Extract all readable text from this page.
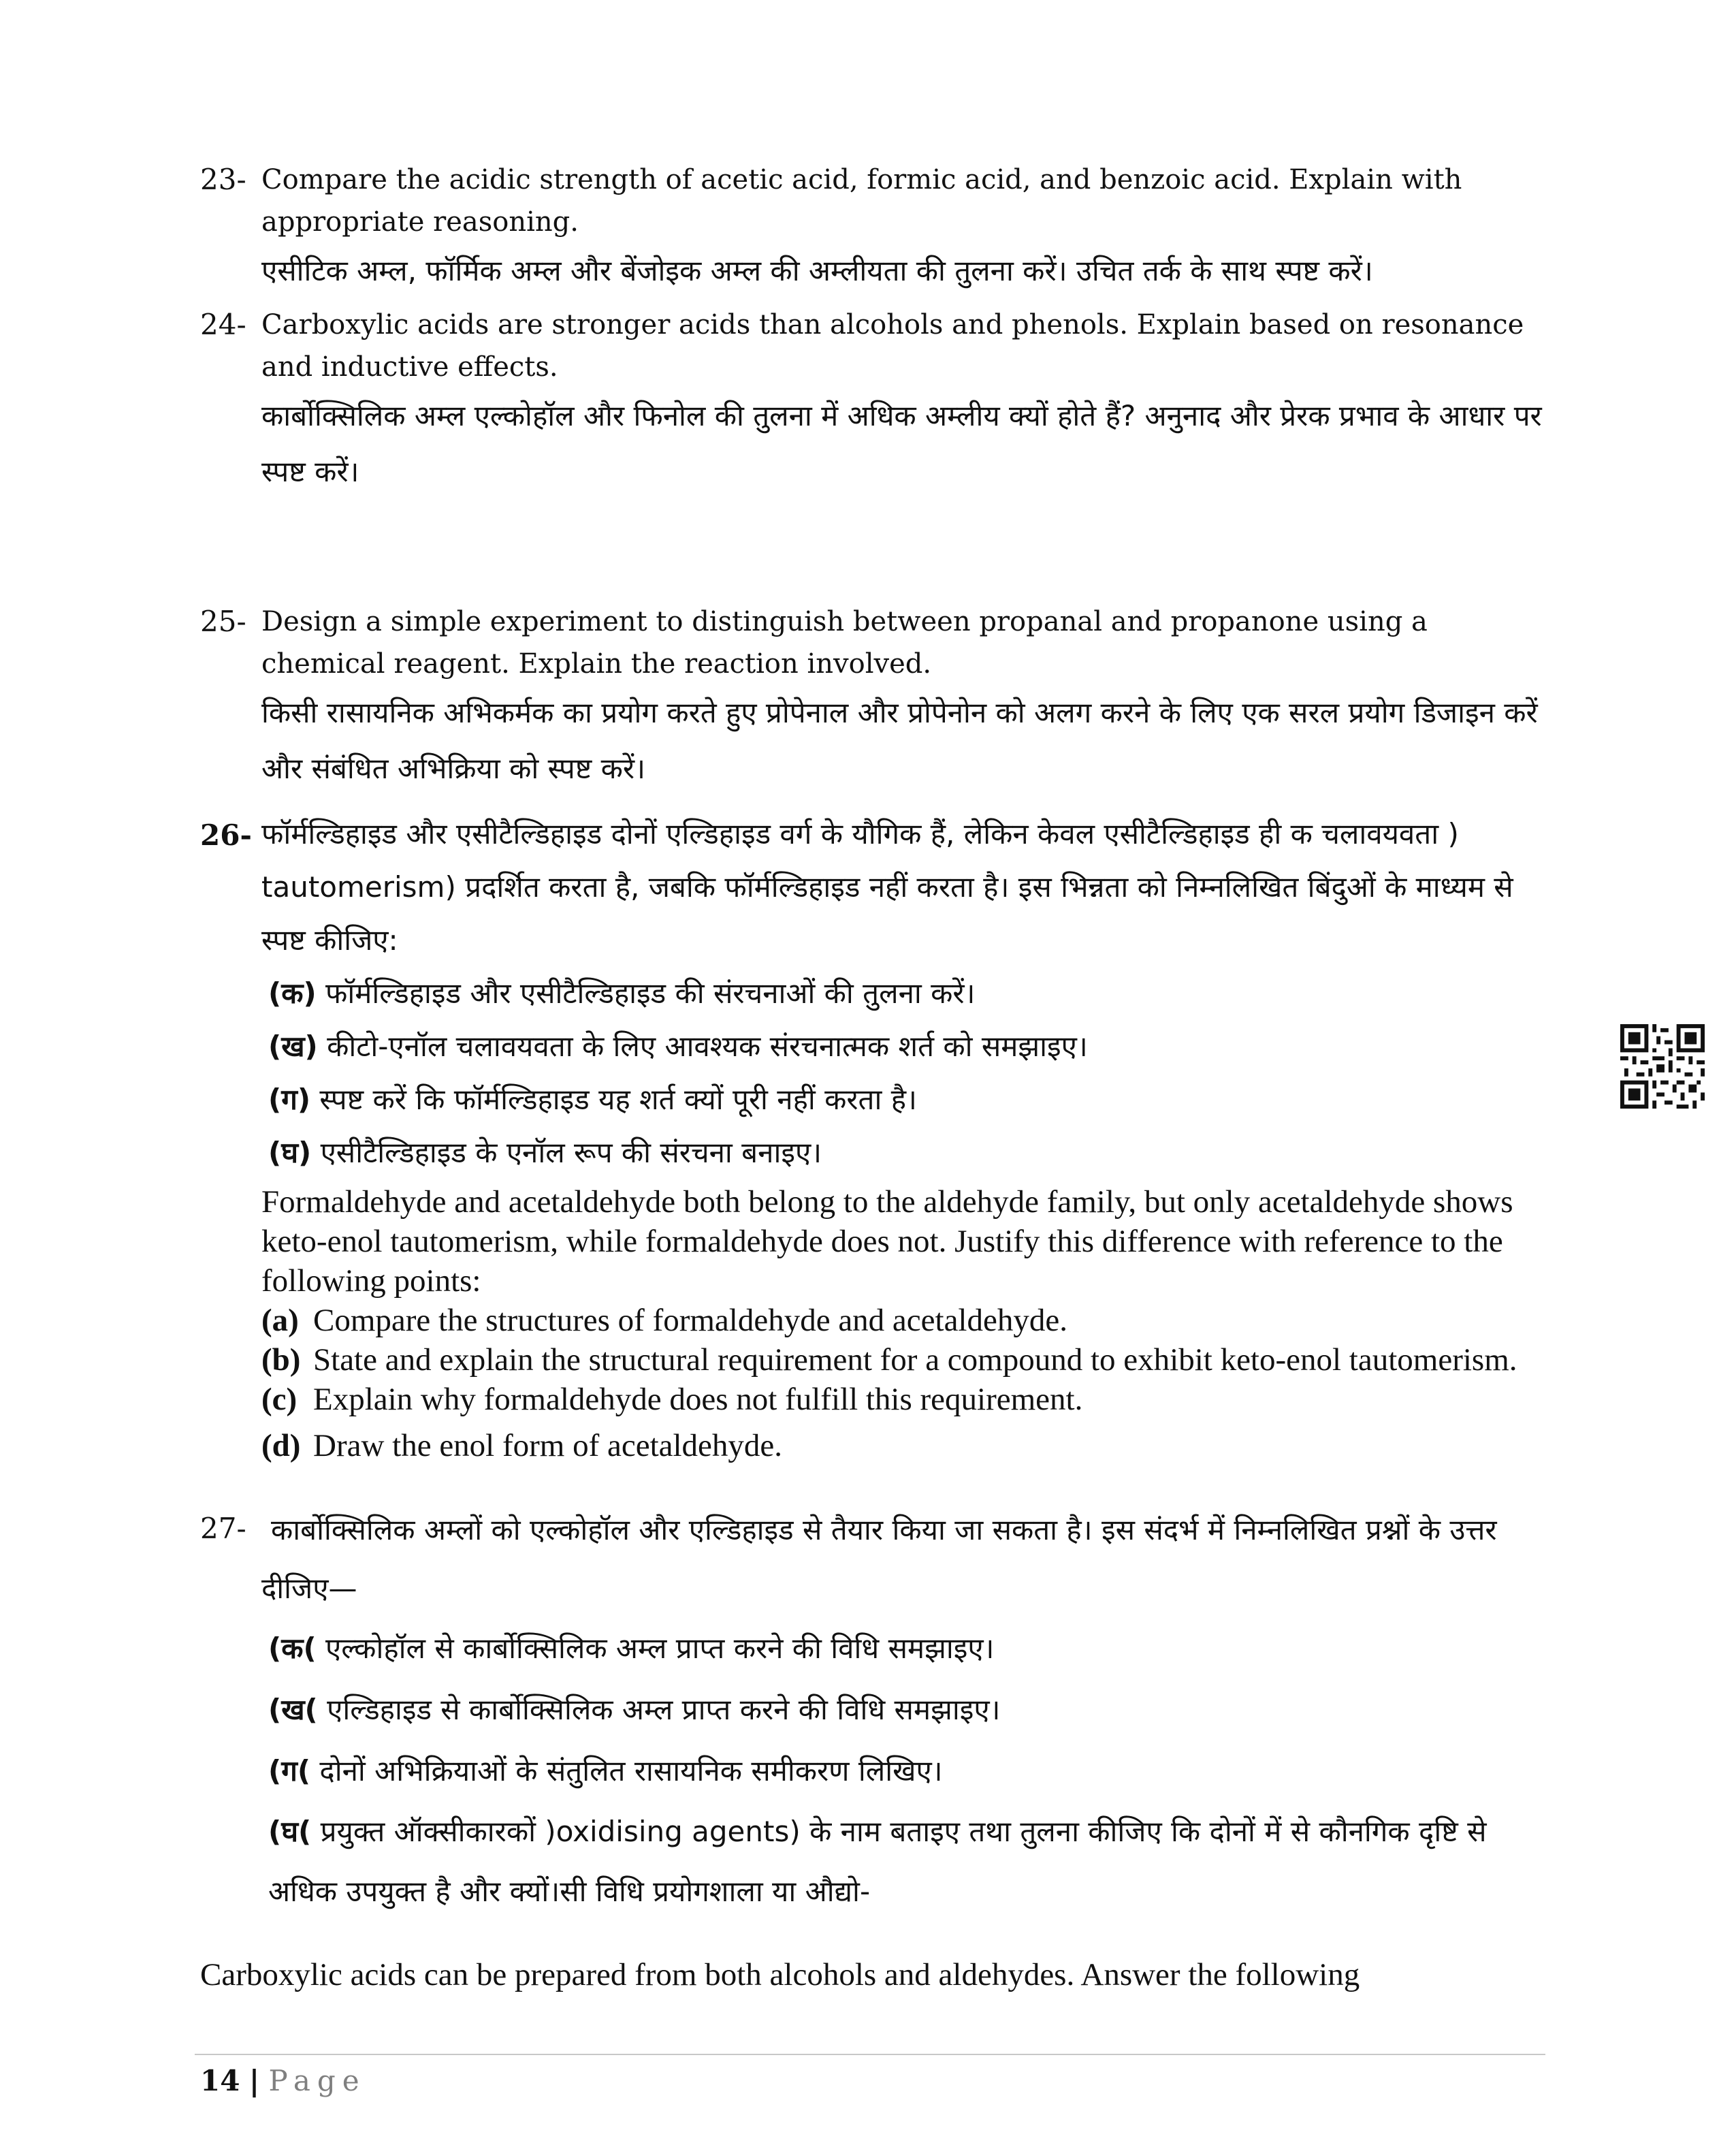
23- Compare the acidic strength of acetic acid, formic acid, and benzoic acid. Explain with appropriate reasoning.

एसीटिक अम्ल, फॉर्मिक अम्ल और बेंजोइक अम्ल की अम्लीयता की तुलना करें। उचित तर्क के साथ स्पष्ट करें।

24- Carboxylic acids are stronger acids than alcohols and phenols. Explain based on resonance and inductive effects.

कार्बोक्सिलिक अम्ल एल्कोहॉल और फिनोल की तुलना में अधिक अम्लीय क्यों होते हैं? अनुनाद और प्रेरक प्रभाव के आधार पर स्पष्ट करें।

25- Design a simple experiment to distinguish between propanal and propanone using a chemical reagent. Explain the reaction involved.

किसी रासायनिक अभिकर्मक का प्रयोग करते हुए प्रोपेनाल और प्रोपेनोन को अलग करने के लिए एक सरल प्रयोग डिजाइन करें और संबंधित अभिक्रिया को स्पष्ट करें।

26- फॉर्मल्डिहाइड और एसीटैल्डिहाइड दोनों एल्डिहाइड वर्ग के यौगिक हैं, लेकिन केवल एसीटैल्डिहाइड ही क चलावयवता ) tautomerism) प्रदर्शित करता है, जबकि फॉर्मल्डिहाइड नहीं करता है। इस भिन्नता को निम्नलिखित बिंदुओं के माध्यम से स्पष्ट कीजिए:

(क) फॉर्मल्डिहाइड और एसीटैल्डिहाइड की संरचनाओं की तुलना करें।

(ख) कीटो-एनॉल चलावयवता के लिए आवश्यक संरचनात्मक शर्त को समझाइए।

(ग) स्पष्ट करें कि फॉर्मल्डिहाइड यह शर्त क्यों पूरी नहीं करता है।

(घ) एसीटैल्डिहाइड के एनॉल रूप की संरचना बनाइए।

Formaldehyde and acetaldehyde both belong to the aldehyde family, but only acetaldehyde shows keto-enol tautomerism, while formaldehyde does not. Justify this difference with reference to the following points:

(a) Compare the structures of formaldehyde and acetaldehyde.
(b) State and explain the structural requirement for a compound to exhibit keto-enol tautomerism.
(c) Explain why formaldehyde does not fulfill this requirement.
(d) Draw the enol form of acetaldehyde.
27- कार्बोक्सिलिक अम्लों को एल्कोहॉल और एल्डिहाइड से तैयार किया जा सकता है। इस संदर्भ में निम्नलिखित प्रश्नों के उत्तर दीजिए—

(क( एल्कोहॉल से कार्बोक्सिलिक अम्ल प्राप्त करने की विधि समझाइए।

(ख( एल्डिहाइड से कार्बोक्सिलिक अम्ल प्राप्त करने की विधि समझाइए।

(ग( दोनों अभिक्रियाओं के संतुलित रासायनिक समीकरण लिखिए।

(घ( प्रयुक्त ऑक्सीकारकों )oxidising agents) के नाम बताइए तथा तुलना कीजिए कि दोनों में से कौनगिक दृष्टि से अधिक उपयुक्त है और क्यों।सी विधि प्रयोगशाला या औद्यो-

Carboxylic acids can be prepared from both alcohols and aldehydes. Answer the following

14 | Page
